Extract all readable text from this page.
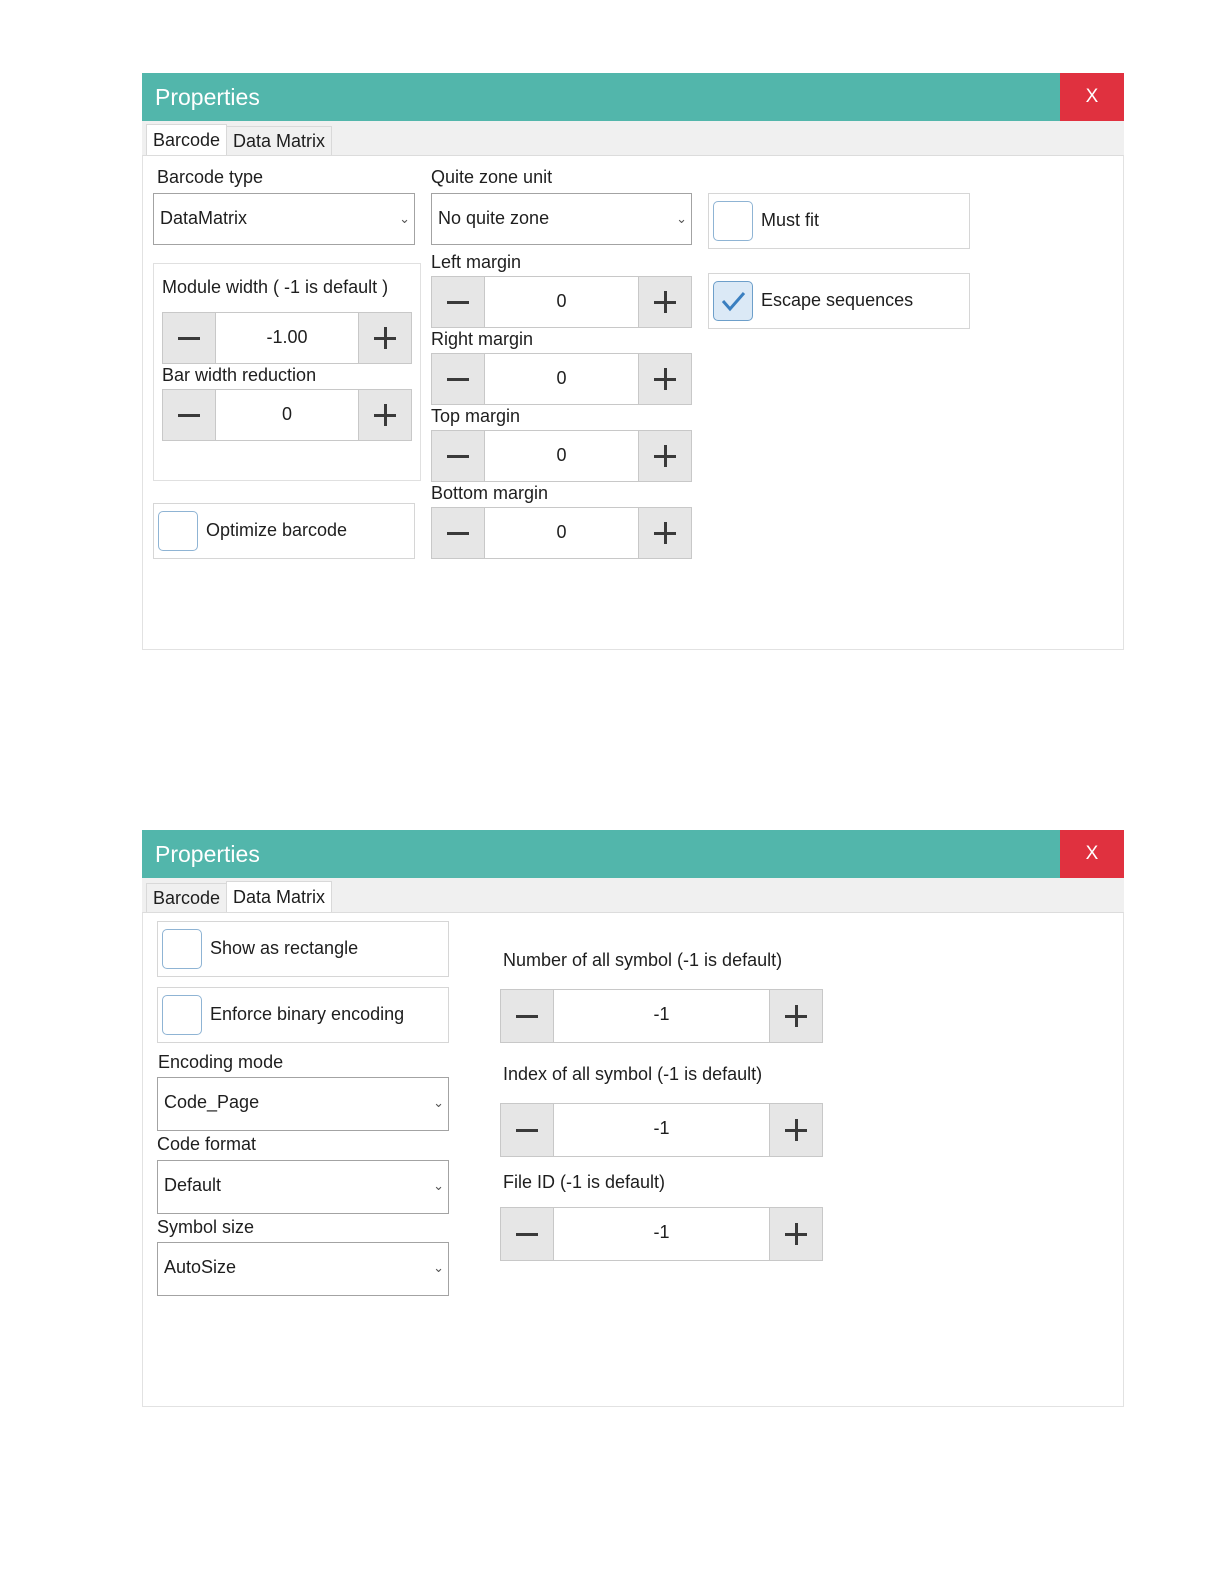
Properties	X
Barcode Data Matrix
Barcode type
DataMatrix	⌄
Module width ( -1 is default )
-1.00
Bar width reduction
0
Optimize barcode
Quite zone unit
No quite zone	⌄
Left margin
0
Right margin
0
Top margin
0
Bottom margin
0
Must fit
Escape sequences
Properties	X
Barcode Data Matrix
Show as rectangle
Enforce binary encoding
Encoding mode
Code_Page	⌄
Code format
Default	⌄
Symbol size
AutoSize	⌄
Number of all symbol (-1 is default)
-1
Index of all symbol (-1 is default)
-1
File ID (-1 is default)
-1
